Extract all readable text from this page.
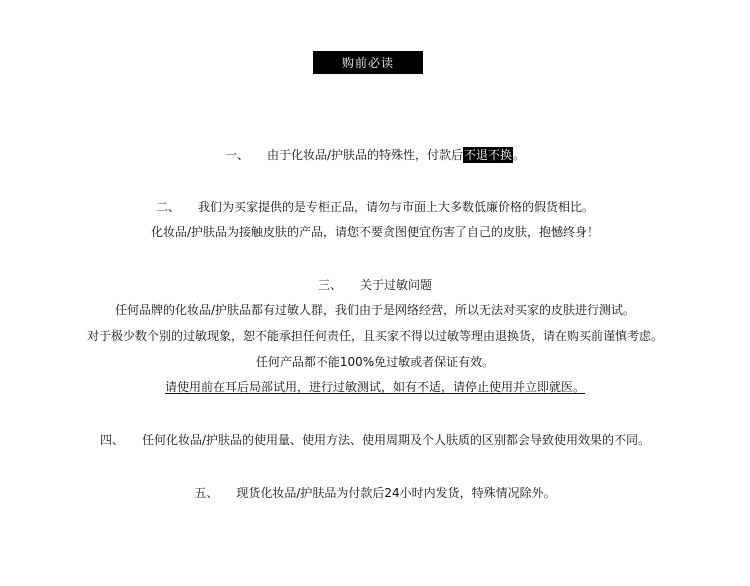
购前必读
一、 由于化妆品/护肤品的特殊性，付款后不退不换。
二、 我们为买家提供的是专柜正品，请勿与市面上大多数低廉价格的假货相比。
化妆品/护肤品为接触皮肤的产品，请您不要贪图便宜伤害了自己的皮肤，抱憾终身！
三、 关于过敏问题
任何品牌的化妆品/护肤品都有过敏人群，我们由于是网络经营，所以无法对买家的皮肤进行测试。
对于极少数个别的过敏现象，恕不能承担任何责任，且买家不得以过敏等理由退换货，请在购买前谨慎考虑。
任何产品都不能100%免过敏或者保证有效。
请使用前在耳后局部试用，进行过敏测试，如有不适，请停止使用并立即就医。
四、 任何化妆品/护肤品的使用量、使用方法、使用周期及个人肤质的区别都会导致使用效果的不同。
五、 现货化妆品/护肤品为付款后24小时内发货，特殊情况除外。
